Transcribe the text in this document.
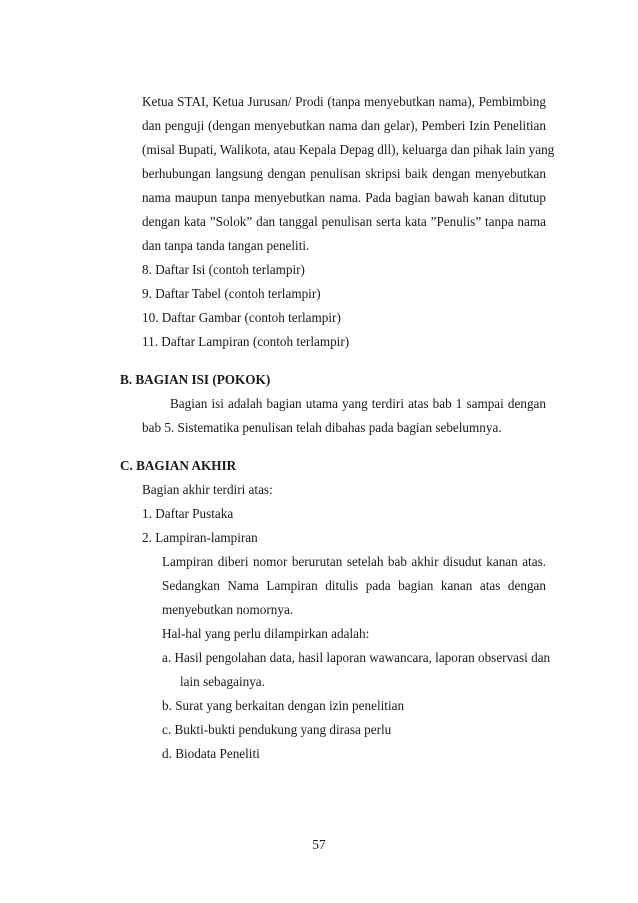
Ketua STAI, Ketua Jurusan/ Prodi (tanpa menyebutkan nama), Pembimbing
dan penguji (dengan menyebutkan nama dan gelar), Pemberi Izin Penelitian
(misal Bupati, Walikota, atau Kepala Depag dll), keluarga dan pihak lain yang
berhubungan langsung dengan penulisan skripsi baik dengan menyebutkan
nama maupun tanpa menyebutkan nama. Pada bagian bawah kanan ditutup
dengan kata ”Solok” dan tanggal penulisan serta kata ”Penulis” tanpa nama
dan tanpa tanda tangan peneliti.
8. Daftar Isi (contoh terlampir)
9. Daftar Tabel (contoh terlampir)
10. Daftar Gambar (contoh terlampir)
11. Daftar Lampiran (contoh terlampir)
B. BAGIAN ISI (POKOK)
Bagian isi adalah bagian utama yang terdiri atas bab 1 sampai dengan
bab 5. Sistematika penulisan telah dibahas pada bagian sebelumnya.
C. BAGIAN AKHIR
Bagian akhir terdiri atas:
1. Daftar Pustaka
2. Lampiran-lampiran
Lampiran diberi nomor berurutan setelah bab akhir disudut kanan atas.
Sedangkan Nama Lampiran ditulis pada bagian kanan atas dengan
menyebutkan nomornya.
Hal-hal yang perlu dilampirkan adalah:
a. Hasil pengolahan data, hasil laporan wawancara, laporan observasi dan
lain sebagainya.
b. Surat yang berkaitan dengan izin penelitian
c. Bukti-bukti pendukung yang dirasa perlu
d. Biodata Peneliti
57
